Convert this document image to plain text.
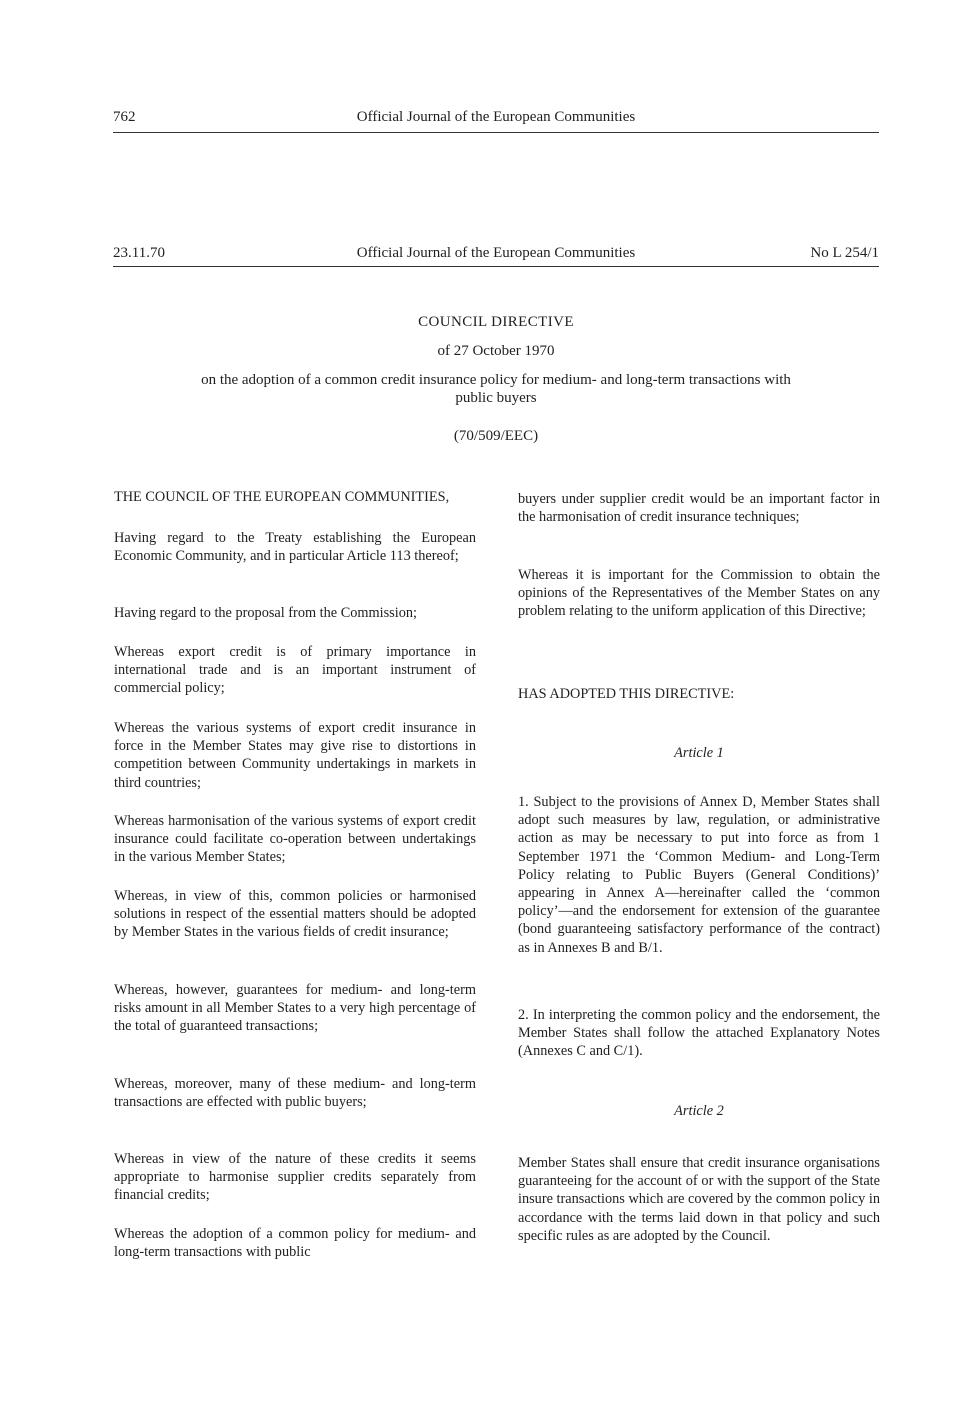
762	Official Journal of the European Communities
23.11.70	Official Journal of the European Communities	No L 254/1
COUNCIL DIRECTIVE
of 27 October 1970
on the adoption of a common credit insurance policy for medium- and long-term transactions with public buyers
(70/509/EEC)

THE COUNCIL OF THE EUROPEAN COMMUNITIES,

Having regard to the Treaty establishing the European Economic Community, and in particular Article 113 thereof;

Having regard to the proposal from the Commission;

Whereas export credit is of primary importance in international trade and is an important instrument of commercial policy;

Whereas the various systems of export credit insurance in force in the Member States may give rise to distortions in competition between Community undertakings in markets in third countries;

Whereas harmonisation of the various systems of export credit insurance could facilitate co-operation between undertakings in the various Member States;

Whereas, in view of this, common policies or harmonised solutions in respect of the essential matters should be adopted by Member States in the various fields of credit insurance;

Whereas, however, guarantees for medium- and long-term risks amount in all Member States to a very high percentage of the total of guaranteed transactions;

Whereas, moreover, many of these medium- and long-term transactions are effected with public buyers;

Whereas in view of the nature of these credits it seems appropriate to harmonise supplier credits separately from financial credits;

Whereas the adoption of a common policy for medium- and long-term transactions with public

buyers under supplier credit would be an important factor in the harmonisation of credit insurance techniques;

Whereas it is important for the Commission to obtain the opinions of the Representatives of the Member States on any problem relating to the uniform application of this Directive;

HAS ADOPTED THIS DIRECTIVE:

Article 1

1. Subject to the provisions of Annex D, Member States shall adopt such measures by law, regulation, or administrative action as may be necessary to put into force as from 1 September 1971 the ‘Common Medium- and Long-Term Policy relating to Public Buyers (General Conditions)’ appearing in Annex A—hereinafter called the ‘common policy’—and the endorsement for extension of the guarantee (bond guaranteeing satisfactory performance of the contract) as in Annexes B and B/1.

2. In interpreting the common policy and the endorsement, the Member States shall follow the attached Explanatory Notes (Annexes C and C/1).

Article 2

Member States shall ensure that credit insurance organisations guaranteeing for the account of or with the support of the State insure transactions which are covered by the common policy in accordance with the terms laid down in that policy and such specific rules as are adopted by the Council.
